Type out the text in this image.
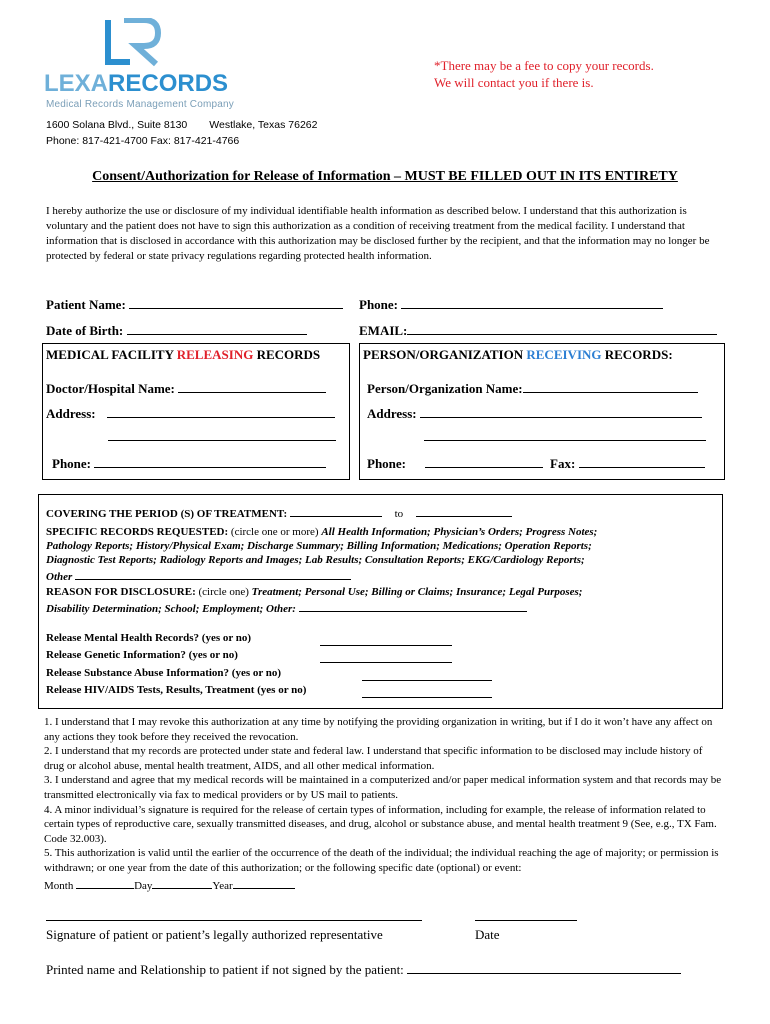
LEXARECORDS
Medical Records Management Company
*There may be a fee to copy your records.
We will contact you if there is.
1600 Solana Blvd., Suite 8130 Westlake, Texas 76262
Phone: 817-421-4700 Fax: 817-421-4766
Consent/Authorization for Release of Information – MUST BE FILLED OUT IN ITS ENTIRETY
I hereby authorize the use or disclosure of my individual identifiable health information as described below. I understand that this authorization is voluntary and the patient does not have to sign this authorization as a condition of receiving treatment from the medical facility. I understand that information that is disclosed in accordance with this authorization may be disclosed further by the recipient, and that the information may no longer be protected by federal or state privacy regulations regarding protected health information.
Patient Name:	Phone:
Date of Birth:	EMAIL:
MEDICAL FACILITY RELEASING RECORDS	PERSON/ORGANIZATION RECEIVING RECORDS:
Doctor/Hospital Name:	Person/Organization Name:
Address:	Address:
Phone:	Phone:	Fax:
COVERING THE PERIOD (S) OF TREATMENT:	to
SPECIFIC RECORDS REQUESTED: (circle one or more) All Health Information; Physician’s Orders; Progress Notes;
Pathology Reports; History/Physical Exam; Discharge Summary; Billing Information; Medications; Operation Reports;
Diagnostic Test Reports; Radiology Reports and Images; Lab Results; Consultation Reports; EKG/Cardiology Reports;
Other
REASON FOR DISCLOSURE: (circle one) Treatment; Personal Use; Billing or Claims; Insurance; Legal Purposes;
Disability Determination; School; Employment; Other:
Release Mental Health Records? (yes or no)
Release Genetic Information? (yes or no)
Release Substance Abuse Information? (yes or no)
Release HIV/AIDS Tests, Results, Treatment (yes or no)

1. I understand that I may revoke this authorization at any time by notifying the providing organization in writing, but if I do it won’t have any affect on any actions they took before they received the revocation.

2. I understand that my records are protected under state and federal law. I understand that specific information to be disclosed may include history of drug or alcohol abuse, mental health treatment, AIDS, and all other medical information.

3. I understand and agree that my medical records will be maintained in a computerized and/or paper medical information system and that records may be transmitted electronically via fax to medical providers or by US mail to patients.

4. A minor individual’s signature is required for the release of certain types of information, including for example, the release of information related to certain types of reproductive care, sexually transmitted diseases, and drug, alcohol or substance abuse, and mental health treatment 9 (See, e.g., TX Fam. Code 32.003).

5. This authorization is valid until the earlier of the occurrence of the death of the individual; the individual reaching the age of majority; or permission is withdrawn; or one year from the date of this authorization; or the following specific date (optional) or event:

Month	Day	Year

Signature of patient or patient’s legally authorized representative	Date
Printed name and Relationship to patient if not signed by the patient:
